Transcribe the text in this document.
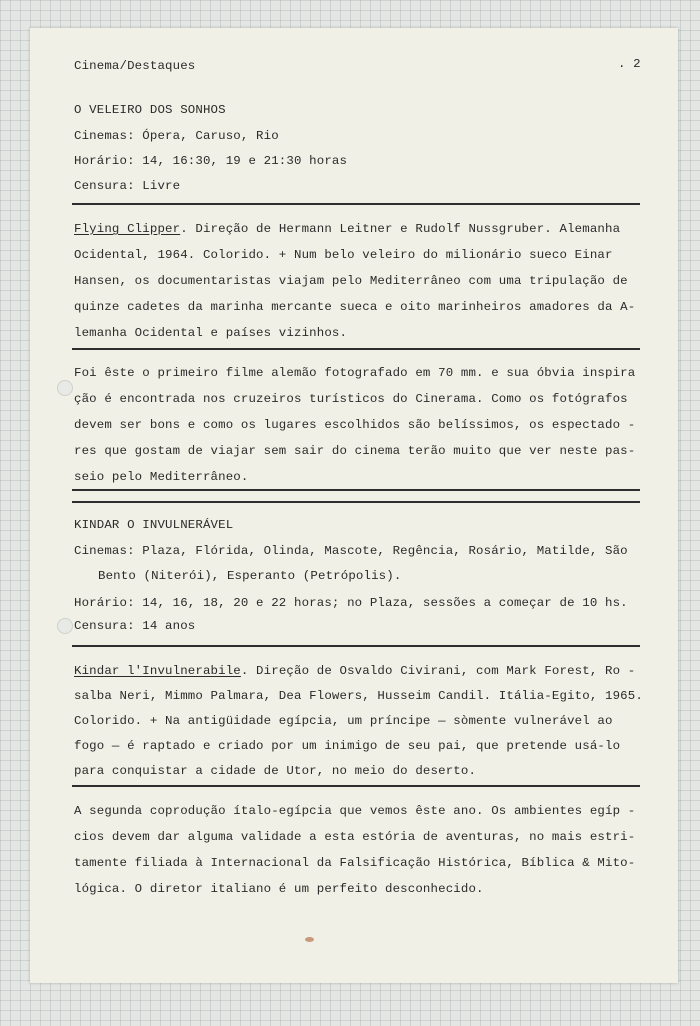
Cinema/Destaques	. 2

O VELEIRO DOS SONHOS

Cinemas: Ópera, Caruso, Rio

Horário: 14, 16:30, 19 e 21:30 horas

Censura: Livre

Flying Clipper. Direção de Hermann Leitner e Rudolf Nussgruber. Alemanha

Ocidental, 1964. Colorido. + Num belo veleiro do milionário sueco Einar

Hansen, os documentaristas viajam pelo Mediterrâneo com uma tripulação de

quinze cadetes da marinha mercante sueca e oito marinheiros amadores da A-

lemanha Ocidental e países vizinhos.

Foi êste o primeiro filme alemão fotografado em 70 mm. e sua óbvia inspira

ção é encontrada nos cruzeiros turísticos do Cinerama. Como os fotógrafos

devem ser bons e como os lugares escolhidos são belíssimos, os espectado -

res que gostam de viajar sem sair do cinema terão muito que ver neste pas-

seio pelo Mediterrâneo.

KINDAR O INVULNERÁVEL

Cinemas: Plaza, Flórida, Olinda, Mascote, Regência, Rosário, Matilde, São

Bento (Niterói), Esperanto (Petrópolis).

Horário: 14, 16, 18, 20 e 22 horas; no Plaza, sessões a começar de 10 hs.

Censura: 14 anos

Kindar l'Invulnerabile. Direção de Osvaldo Civirani, com Mark Forest, Ro -

salba Neri, Mimmo Palmara, Dea Flowers, Husseim Candil. Itália-Egito, 1965.

Colorido. + Na antigüidade egípcia, um príncipe — sòmente vulnerável ao

fogo — é raptado e criado por um inimigo de seu pai, que pretende usá-lo

para conquistar a cidade de Utor, no meio do deserto.

A segunda coprodução ítalo-egípcia que vemos êste ano. Os ambientes egíp -

cios devem dar alguma validade a esta estória de aventuras, no mais estri-

tamente filiada à Internacional da Falsificação Histórica, Bíblica & Mito-

lógica. O diretor italiano é um perfeito desconhecido.
